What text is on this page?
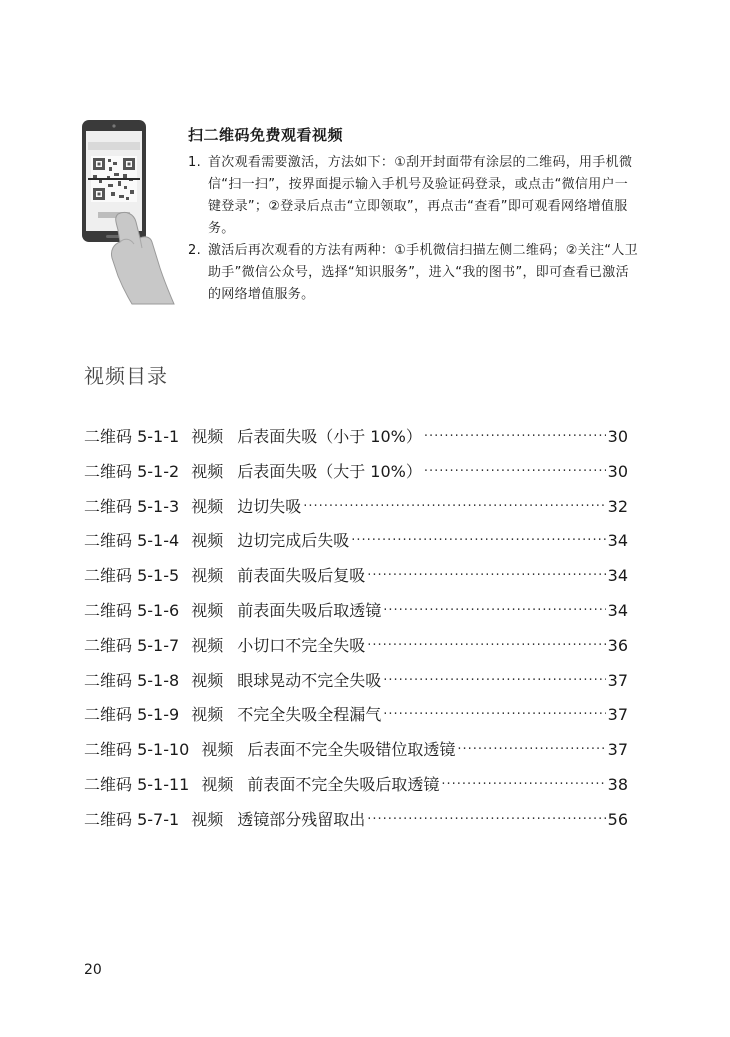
扫二维码免费观看视频
1. 首次观看需要激活，方法如下：①刮开封面带有涂层的二维码，用手机微信“扫一扫”，按界面提示输入手机号及验证码登录，或点击“微信用户一键登录”；②登录后点击“立即领取”，再点击“查看”即可观看网络增值服务。
2. 激活后再次观看的方法有两种：①手机微信扫描左侧二维码；②关注“人卫助手”微信公众号，选择“知识服务”，进入“我的图书”，即可查看已激活的网络增值服务。
视频目录
二维码 5-1-1 视频 后表面失吸（小于 10%） ·····	30
二维码 5-1-2 视频 后表面失吸（大于 10%） ·····	30
二维码 5-1-3 视频 边切失吸 ·····	32
二维码 5-1-4 视频 边切完成后失吸 ·····	34
二维码 5-1-5 视频 前表面失吸后复吸 ·····	34
二维码 5-1-6 视频 前表面失吸后取透镜 ·····	34
二维码 5-1-7 视频 小切口不完全失吸 ·····	36
二维码 5-1-8 视频 眼球晃动不完全失吸 ·····	37
二维码 5-1-9 视频 不完全失吸全程漏气 ·····	37
二维码 5-1-10 视频 后表面不完全失吸错位取透镜 ·····	37
二维码 5-1-11 视频 前表面不完全失吸后取透镜 ·····	38
二维码 5-7-1 视频 透镜部分残留取出 ·····	56
20
